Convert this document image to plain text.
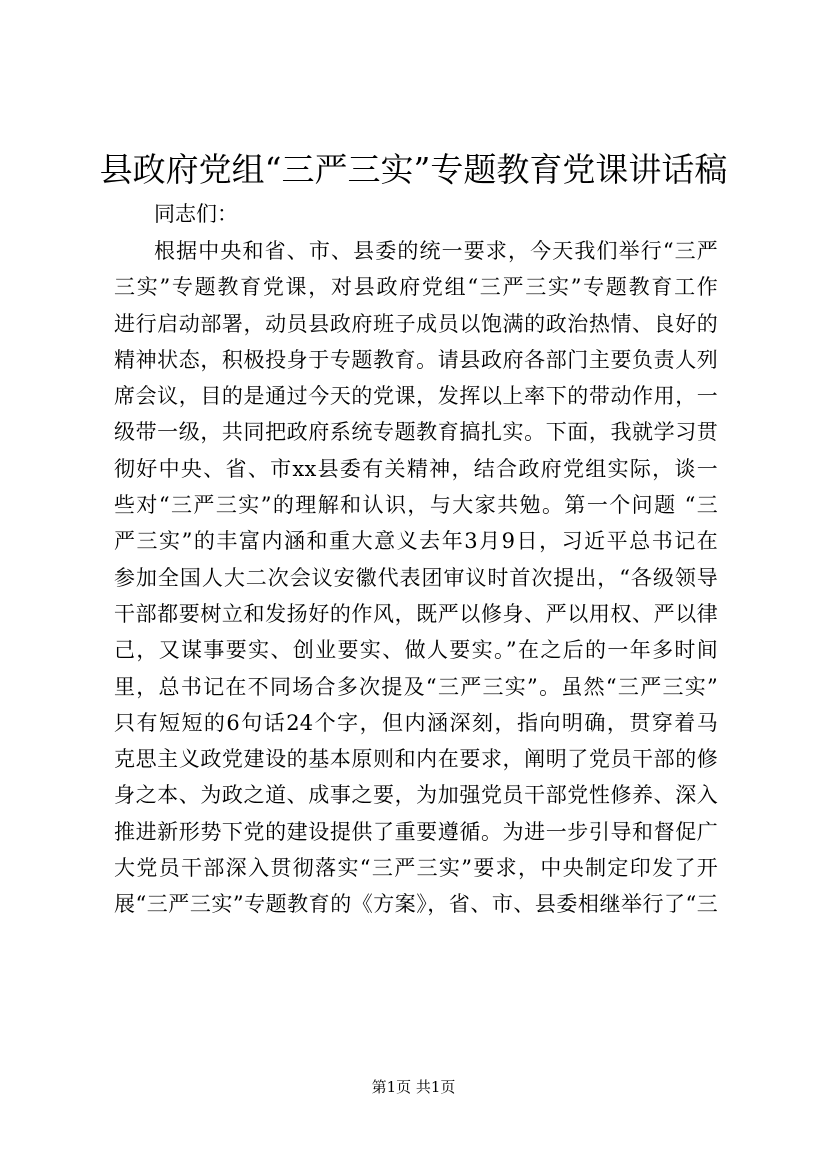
县政府党组“三严三实”专题教育党课讲话稿
同志们：
根据中央和省、市、县委的统一要求，今天我们举行“三严
三实”专题教育党课，对县政府党组“三严三实”专题教育工作
进行启动部署，动员县政府班子成员以饱满的政治热情、良好的
精神状态，积极投身于专题教育。请县政府各部门主要负责人列
席会议，目的是通过今天的党课，发挥以上率下的带动作用，一
级带一级，共同把政府系统专题教育搞扎实。下面，我就学习贯
彻好中央、省、市xx县委有关精神，结合政府党组实际，谈一
些对“三严三实”的理解和认识，与大家共勉。第一个问题 “三
严三实”的丰富内涵和重大意义去年3月9日，习近平总书记在
参加全国人大二次会议安徽代表团审议时首次提出，“各级领导
干部都要树立和发扬好的作风，既严以修身、严以用权、严以律
己，又谋事要实、创业要实、做人要实。”在之后的一年多时间
里，总书记在不同场合多次提及“三严三实”。虽然“三严三实”
只有短短的6句话24个字，但内涵深刻，指向明确，贯穿着马
克思主义政党建设的基本原则和内在要求，阐明了党员干部的修
身之本、为政之道、成事之要，为加强党员干部党性修养、深入
推进新形势下党的建设提供了重要遵循。为进一步引导和督促广
大党员干部深入贯彻落实“三严三实”要求，中央制定印发了开
展“三严三实”专题教育的《方案》，省、市、县委相继举行了“三
第1页 共1页
